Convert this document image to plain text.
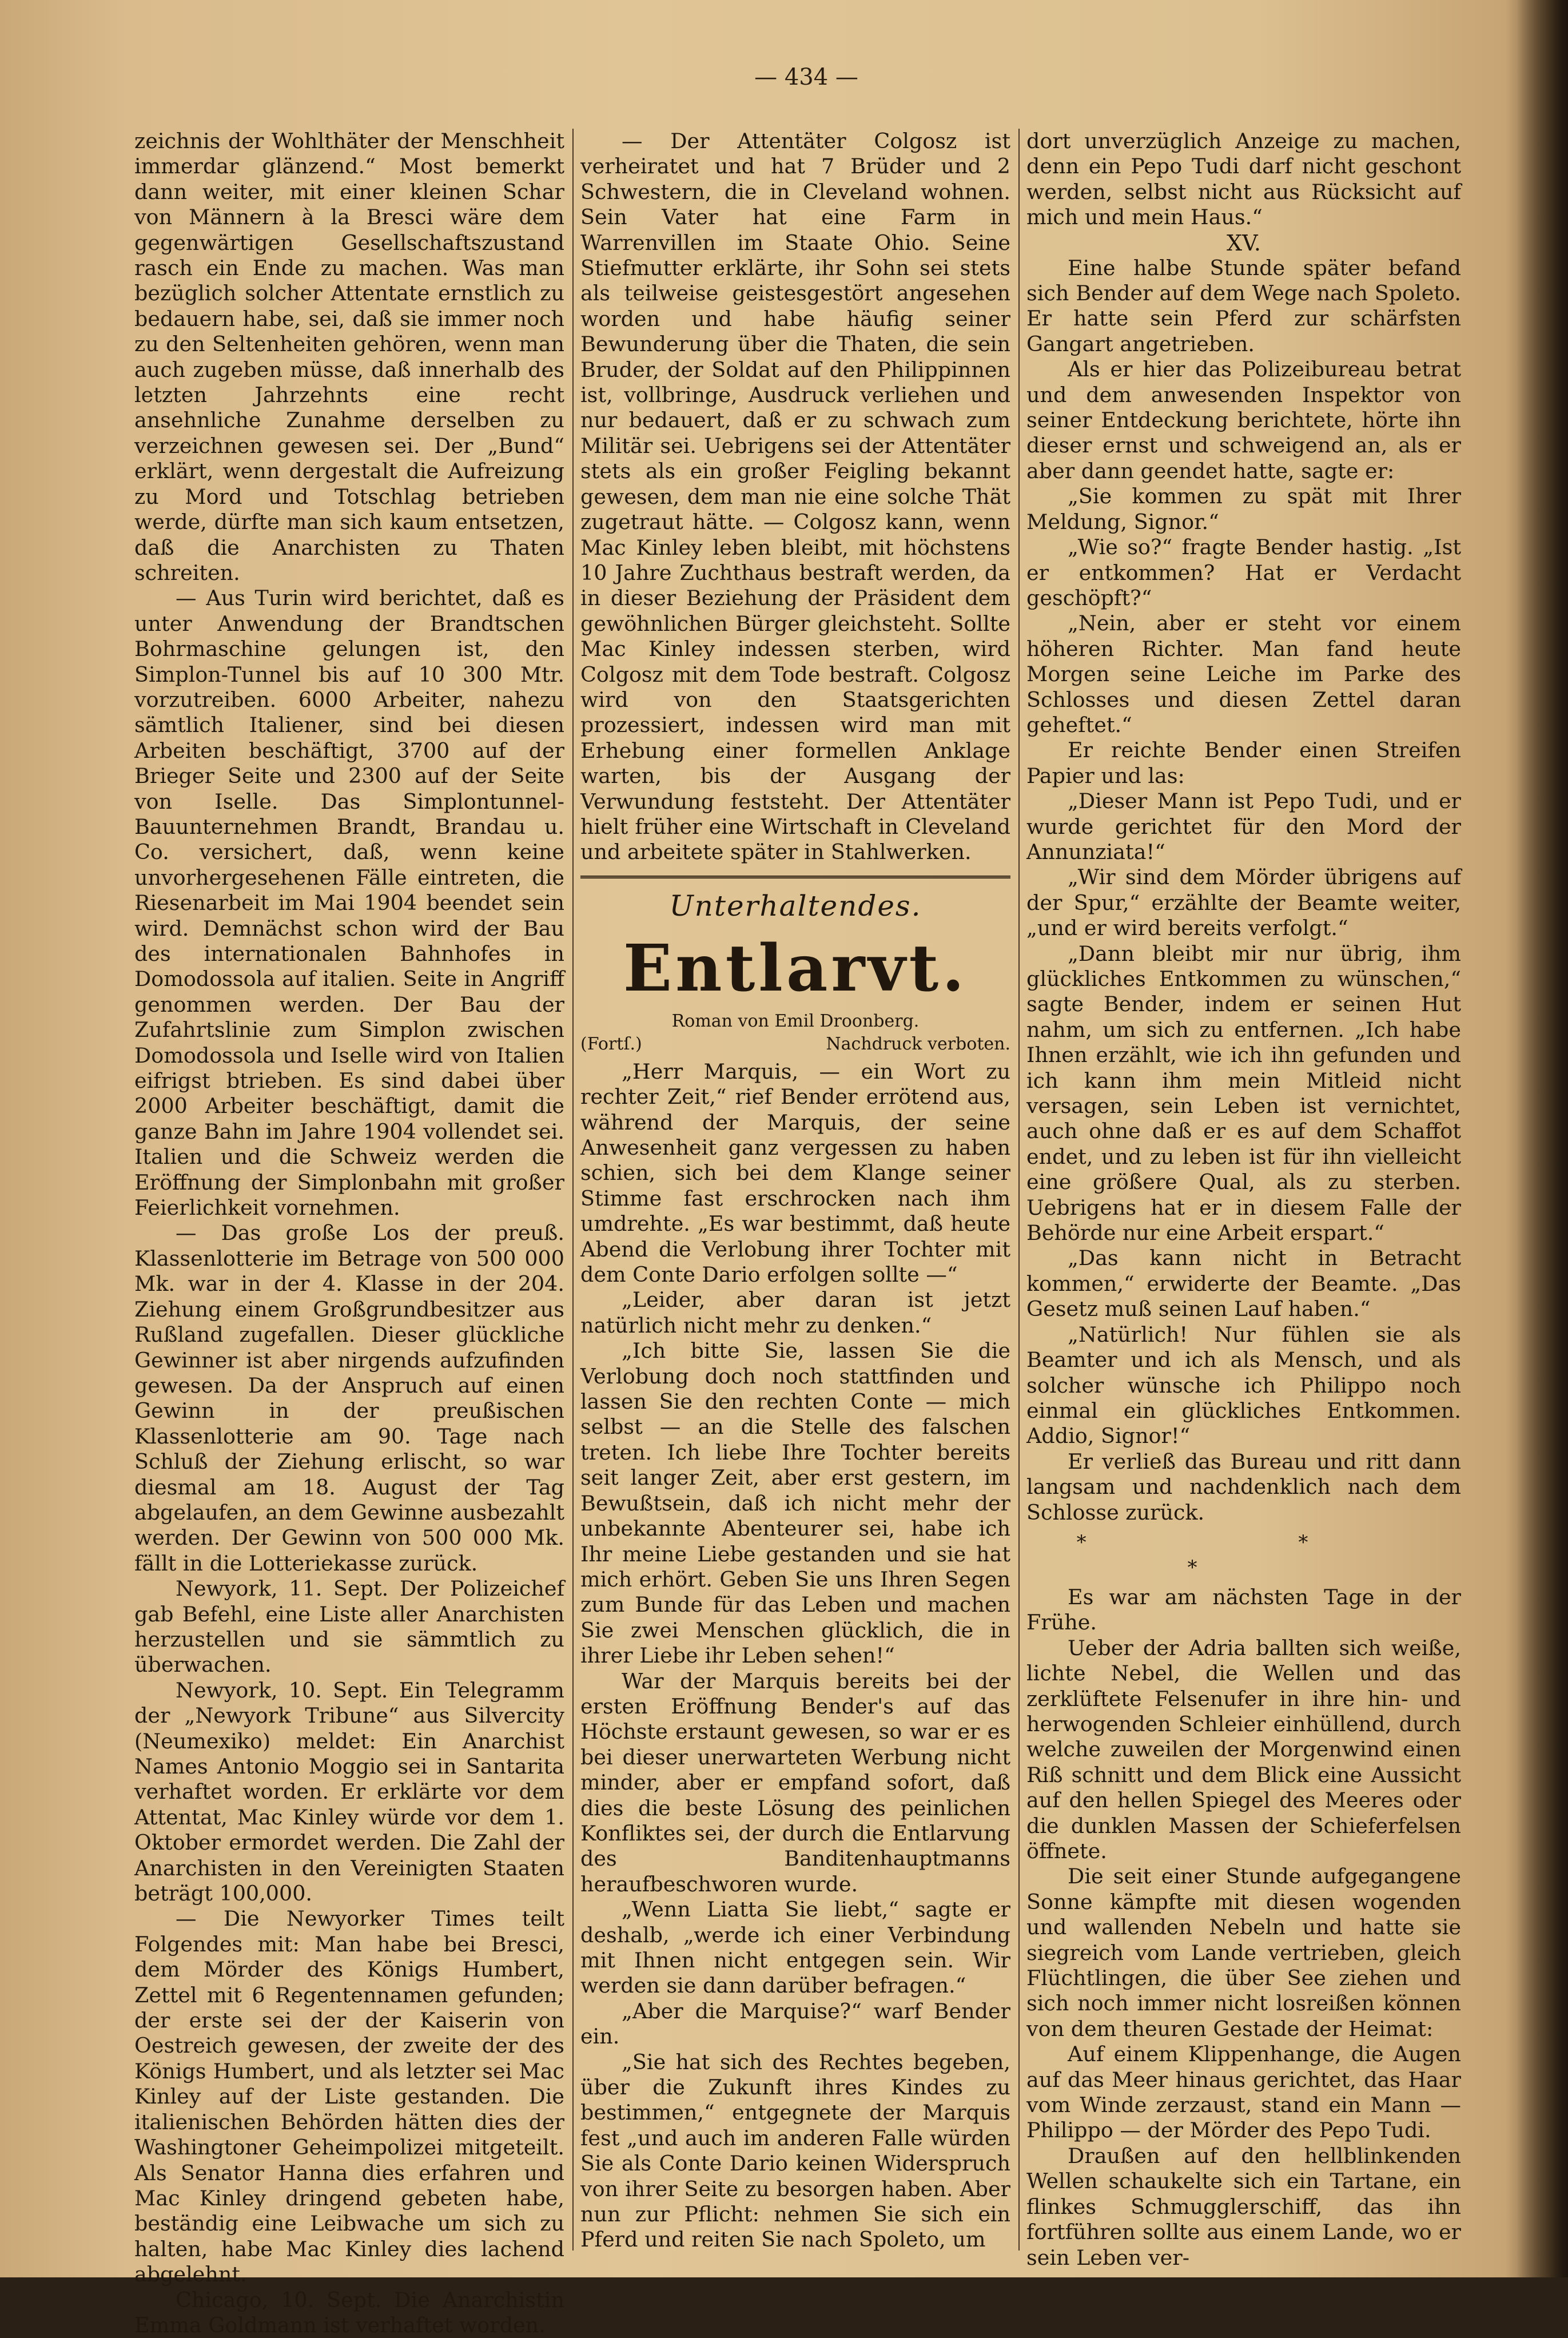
— 434 —

zeichnis der Wohlthäter der Menschheit immerdar glänzend.“ Most bemerkt dann weiter, mit einer kleinen Schar von Männern à la Bresci wäre dem gegenwärtigen Gesellschaftszustand rasch ein Ende zu machen. Was man bezüglich solcher Attentate ernstlich zu bedauern habe, sei, daß sie immer noch zu den Seltenheiten gehören, wenn man auch zugeben müsse, daß innerhalb des letzten Jahrzehnts eine recht ansehnliche Zunahme derselben zu verzeichnen gewesen sei. Der „Bund“ erklärt, wenn dergestalt die Aufreizung zu Mord und Totschlag betrieben werde, dürfte man sich kaum entsetzen, daß die Anarchisten zu Thaten schreiten.

— Aus Turin wird berichtet, daß es unter Anwendung der Brandtschen Bohrmaschine gelungen ist, den Simplon-Tunnel bis auf 10 300 Mtr. vorzutreiben. 6000 Arbeiter, nahezu sämtlich Italiener, sind bei diesen Arbeiten beschäftigt, 3700 auf der Brieger Seite und 2300 auf der Seite von Iselle. Das Simplontunnel-Bauunternehmen Brandt, Brandau u. Co. versichert, daß, wenn keine unvorhergesehenen Fälle eintreten, die Riesenarbeit im Mai 1904 beendet sein wird. Demnächst schon wird der Bau des internationalen Bahnhofes in Domodossola auf italien. Seite in Angriff genommen werden. Der Bau der Zufahrtslinie zum Simplon zwischen Domodossola und Iselle wird von Italien eifrigst btrieben. Es sind dabei über 2000 Arbeiter beschäftigt, damit die ganze Bahn im Jahre 1904 vollendet sei. Italien und die Schweiz werden die Eröffnung der Simplonbahn mit großer Feierlichkeit vornehmen.

— Das große Los der preuß. Klassenlotterie im Betrage von 500 000 Mk. war in der 4. Klasse in der 204. Ziehung einem Großgrundbesitzer aus Rußland zugefallen. Dieser glückliche Gewinner ist aber nirgends aufzufinden gewesen. Da der Anspruch auf einen Gewinn in der preußischen Klassenlotterie am 90. Tage nach Schluß der Ziehung erlischt, so war diesmal am 18. August der Tag abgelaufen, an dem Gewinne ausbezahlt werden. Der Gewinn von 500 000 Mk. fällt in die Lotteriekasse zurück.

Newyork, 11. Sept. Der Polizeichef gab Befehl, eine Liste aller Anarchisten herzustellen und sie sämmtlich zu überwachen.

Newyork, 10. Sept. Ein Telegramm der „Newyork Tribune“ aus Silvercity (Neumexiko) meldet: Ein Anarchist Names Antonio Moggio sei in Santarita verhaftet worden. Er erklärte vor dem Attentat, Mac Kinley würde vor dem 1. Oktober ermordet werden. Die Zahl der Anarchisten in den Vereinigten Staaten beträgt 100,000.

— Die Newyorker Times teilt Folgendes mit: Man habe bei Bresci, dem Mörder des Königs Humbert, Zettel mit 6 Regentennamen gefunden; der erste sei der der Kaiserin von Oestreich gewesen, der zweite der des Königs Humbert, und als letzter sei Mac Kinley auf der Liste gestanden. Die italienischen Behörden hätten dies der Washingtoner Geheimpolizei mitgeteilt. Als Senator Hanna dies erfahren und Mac Kinley dringend gebeten habe, beständig eine Leibwache um sich zu halten, habe Mac Kinley dies lachend abgelehnt.

Chicago, 10. Sept. Die Anarchistin Emma Goldmann ist verhaftet worden.

— Der Attentäter Colgosz ist verheiratet und hat 7 Brüder und 2 Schwestern, die in Cleveland wohnen. Sein Vater hat eine Farm in Warrenvillen im Staate Ohio. Seine Stiefmutter erklärte, ihr Sohn sei stets als teilweise geistesgestört angesehen worden und habe häufig seiner Bewunderung über die Thaten, die sein Bruder, der Soldat auf den Philippinnen ist, vollbringe, Ausdruck verliehen und nur bedauert, daß er zu schwach zum Militär sei. Uebrigens sei der Attentäter stets als ein großer Feigling bekannt gewesen, dem man nie eine solche Thät zugetraut hätte. — Colgosz kann, wenn Mac Kinley leben bleibt, mit höchstens 10 Jahre Zuchthaus bestraft werden, da in dieser Beziehung der Präsident dem gewöhnlichen Bürger gleichsteht. Sollte Mac Kinley indessen sterben, wird Colgosz mit dem Tode bestraft. Colgosz wird von den Staatsgerichten prozessiert, indessen wird man mit Erhebung einer formellen Anklage warten, bis der Ausgang der Verwundung feststeht. Der Attentäter hielt früher eine Wirtschaft in Cleveland und arbeitete später in Stahlwerken.

Unterhaltendes.
Entlarvt.
Roman von Emil Droonberg.
(Fortſ.)	Nachdruck verboten.

„Herr Marquis, — ein Wort zu rechter Zeit,“ rief Bender errötend aus, während der Marquis, der seine Anwesenheit ganz vergessen zu haben schien, sich bei dem Klange seiner Stimme fast erschrocken nach ihm umdrehte. „Es war bestimmt, daß heute Abend die Verlobung ihrer Tochter mit dem Conte Dario erfolgen sollte —“

„Leider, aber daran ist jetzt natürlich nicht mehr zu denken.“

„Ich bitte Sie, lassen Sie die Verlobung doch noch stattfinden und lassen Sie den rechten Conte — mich selbst — an die Stelle des falschen treten. Ich liebe Ihre Tochter bereits seit langer Zeit, aber erst gestern, im Bewußtsein, daß ich nicht mehr der unbekannte Abenteurer sei, habe ich Ihr meine Liebe gestanden und sie hat mich erhört. Geben Sie uns Ihren Segen zum Bunde für das Leben und machen Sie zwei Menschen glücklich, die in ihrer Liebe ihr Leben sehen!“

War der Marquis bereits bei der ersten Eröffnung Bender's auf das Höchste erstaunt gewesen, so war er es bei dieser unerwarteten Werbung nicht minder, aber er empfand sofort, daß dies die beste Lösung des peinlichen Konfliktes sei, der durch die Entlarvung des Banditenhauptmanns heraufbeschworen wurde.

„Wenn Liatta Sie liebt,“ sagte er deshalb, „werde ich einer Verbindung mit Ihnen nicht entgegen sein. Wir werden sie dann darüber befragen.“

„Aber die Marquise?“ warf Bender ein.

„Sie hat sich des Rechtes begeben, über die Zukunft ihres Kindes zu bestimmen,“ entgegnete der Marquis fest „und auch im anderen Falle würden Sie als Conte Dario keinen Widerspruch von ihrer Seite zu besorgen haben. Aber nun zur Pflicht: nehmen Sie sich ein Pferd und reiten Sie nach Spoleto, um

dort unverzüglich Anzeige zu machen, denn ein Pepo Tudi darf nicht geschont werden, selbst nicht aus Rücksicht auf mich und mein Haus.“

XV.

Eine halbe Stunde später befand sich Bender auf dem Wege nach Spoleto. Er hatte sein Pferd zur schärfsten Gangart angetrieben.

Als er hier das Polizeibureau betrat und dem anwesenden Inspektor von seiner Entdeckung berichtete, hörte ihn dieser ernst und schweigend an, als er aber dann geendet hatte, sagte er:

„Sie kommen zu spät mit Ihrer Meldung, Signor.“

„Wie so?“ fragte Bender hastig. „Ist er entkommen? Hat er Verdacht geschöpft?“

„Nein, aber er steht vor einem höheren Richter. Man fand heute Morgen seine Leiche im Parke des Schlosses und diesen Zettel daran geheftet.“

Er reichte Bender einen Streifen Papier und las:

„Dieser Mann ist Pepo Tudi, und er wurde gerichtet für den Mord der Annunziata!“

„Wir sind dem Mörder übrigens auf der Spur,“ erzählte der Beamte weiter, „und er wird bereits verfolgt.“

„Dann bleibt mir nur übrig, ihm glückliches Entkommen zu wünschen,“ sagte Bender, indem er seinen Hut nahm, um sich zu entfernen. „Ich habe Ihnen erzählt, wie ich ihn gefunden und ich kann ihm mein Mitleid nicht versagen, sein Leben ist vernichtet, auch ohne daß er es auf dem Schaffot endet, und zu leben ist für ihn vielleicht eine größere Qual, als zu sterben. Uebrigens hat er in diesem Falle der Behörde nur eine Arbeit erspart.“

„Das kann nicht in Betracht kommen,“ erwiderte der Beamte. „Das Gesetz muß seinen Lauf haben.“

„Natürlich! Nur fühlen sie als Beamter und ich als Mensch, und als solcher wünsche ich Philippo noch einmal ein glückliches Entkommen. Addio, Signor!“

Er verließ das Bureau und ritt dann langsam und nachdenklich nach dem Schlosse zurück.

* * *

Es war am nächsten Tage in der Frühe.

Ueber der Adria ballten sich weiße, lichte Nebel, die Wellen und das zerklüftete Felsenufer in ihre hin- und herwogenden Schleier einhüllend, durch welche zuweilen der Morgenwind einen Riß schnitt und dem Blick eine Aussicht auf den hellen Spiegel des Meeres oder die dunklen Massen der Schieferfelsen öffnete.

Die seit einer Stunde aufgegangene Sonne kämpfte mit diesen wogenden und wallenden Nebeln und hatte sie siegreich vom Lande vertrieben, gleich Flüchtlingen, die über See ziehen und sich noch immer nicht losreißen können von dem theuren Gestade der Heimat:

Auf einem Klippenhange, die Augen auf das Meer hinaus gerichtet, das Haar vom Winde zerzaust, stand ein Mann — Philippo — der Mörder des Pepo Tudi.

Draußen auf den hellblinkenden Wellen schaukelte sich ein Tartane, ein flinkes Schmugglerschiff, das ihn fortführen sollte aus einem Lande, wo er sein Leben ver-
